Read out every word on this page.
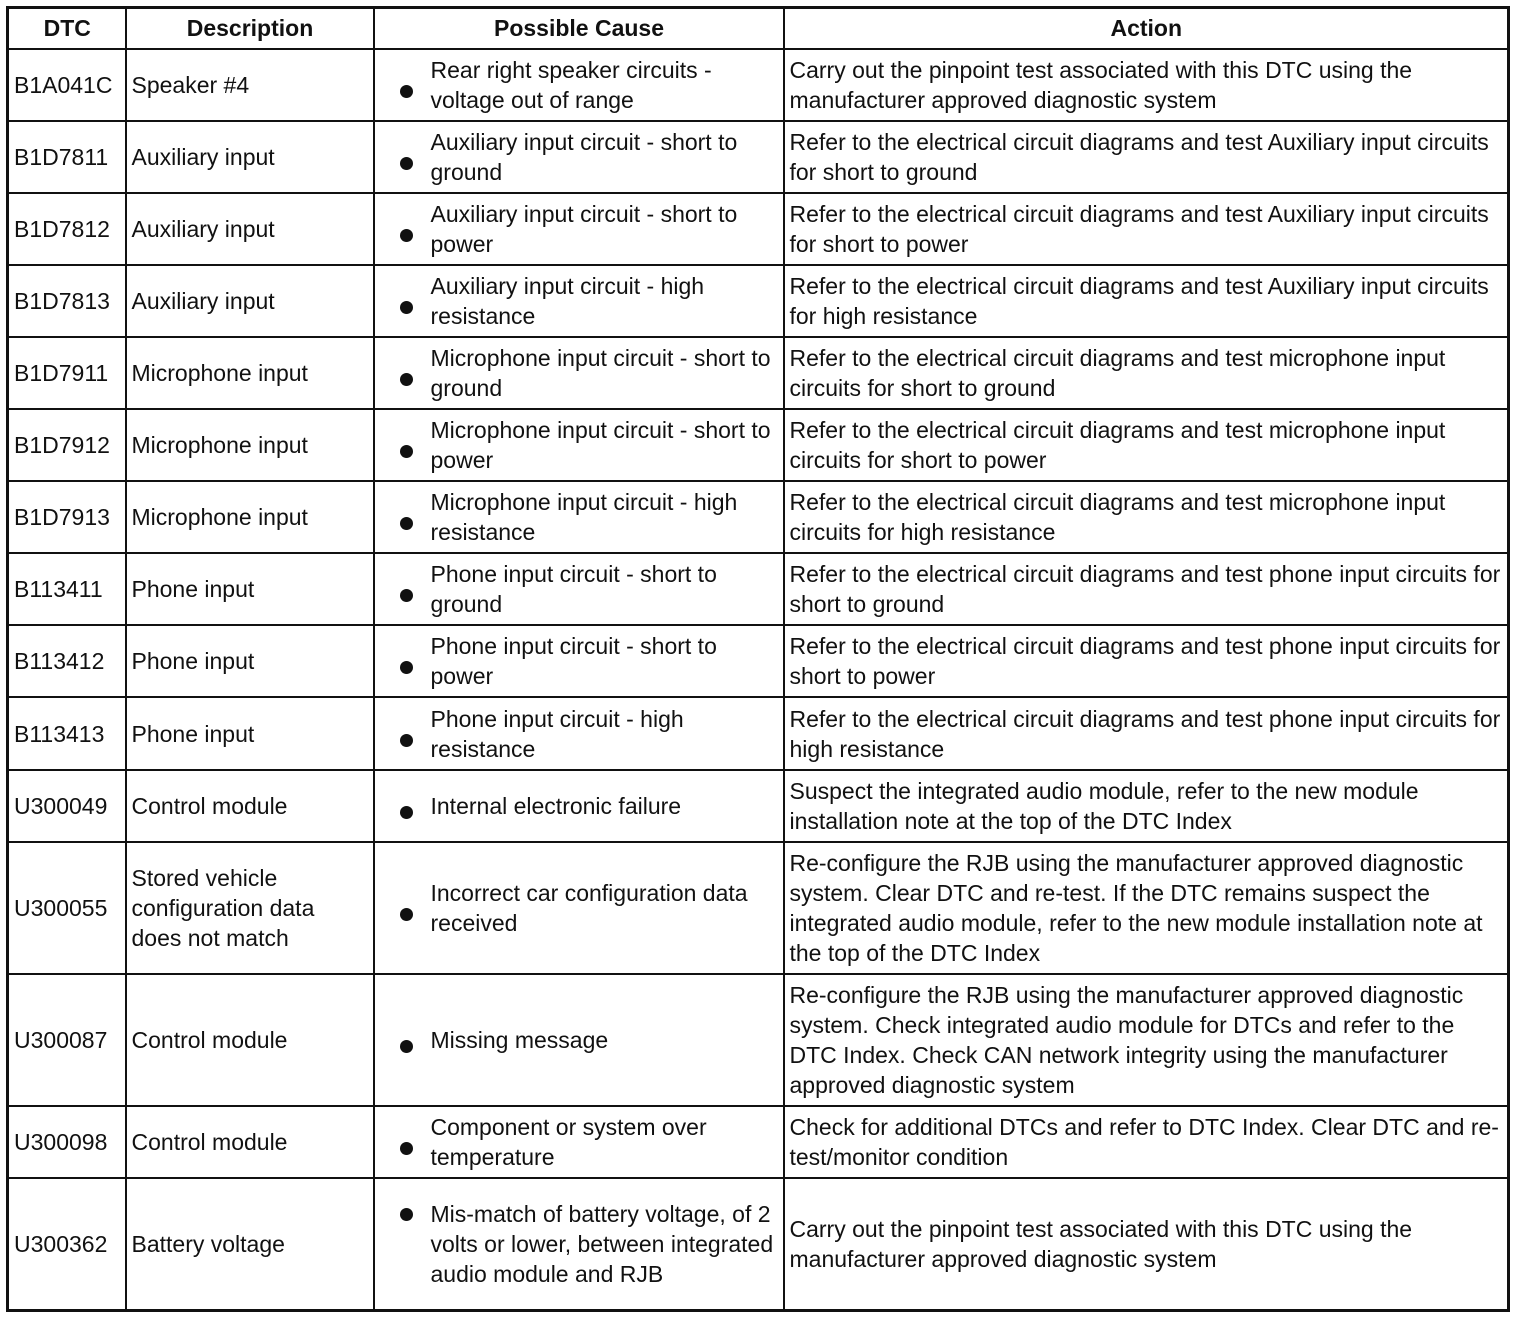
DTC	Description	Possible Cause	Action
B1A041C	Speaker #4	Rear right speaker circuits - voltage out of range	Carry out the pinpoint test associated with this DTC using the manufacturer approved diagnostic system
B1D7811	Auxiliary input	Auxiliary input circuit - short to ground	Refer to the electrical circuit diagrams and test Auxiliary input circuits for short to ground
B1D7812	Auxiliary input	Auxiliary input circuit - short to power	Refer to the electrical circuit diagrams and test Auxiliary input circuits for short to power
B1D7813	Auxiliary input	Auxiliary input circuit - high resistance	Refer to the electrical circuit diagrams and test Auxiliary input circuits for high resistance
B1D7911	Microphone input	Microphone input circuit - short to ground	Refer to the electrical circuit diagrams and test microphone input circuits for short to ground
B1D7912	Microphone input	Microphone input circuit - short to power	Refer to the electrical circuit diagrams and test microphone input circuits for short to power
B1D7913	Microphone input	Microphone input circuit - high resistance	Refer to the electrical circuit diagrams and test microphone input circuits for high resistance
B113411	Phone input	Phone input circuit - short to ground	Refer to the electrical circuit diagrams and test phone input circuits for short to ground
B113412	Phone input	Phone input circuit - short to power	Refer to the electrical circuit diagrams and test phone input circuits for short to power
B113413	Phone input	Phone input circuit - high resistance	Refer to the electrical circuit diagrams and test phone input circuits for high resistance
U300049	Control module	Internal electronic failure	Suspect the integrated audio module, refer to the new module installation note at the top of the DTC Index
U300055	Stored vehicle configuration data does not match	Incorrect car configuration data received	Re-configure the RJB using the manufacturer approved diagnostic system. Clear DTC and re-test. If the DTC remains suspect the integrated audio module, refer to the new module installation note at the top of the DTC Index
U300087	Control module	Missing message	Re-configure the RJB using the manufacturer approved diagnostic system. Check integrated audio module for DTCs and refer to the DTC Index. Check CAN network integrity using the manufacturer approved diagnostic system
U300098	Control module	Component or system over temperature	Check for additional DTCs and refer to DTC Index. Clear DTC and re-test/monitor condition
U300362	Battery voltage	Mis-match of battery voltage, of 2 volts or lower, between integrated audio module and RJB	Carry out the pinpoint test associated with this DTC using the manufacturer approved diagnostic system
